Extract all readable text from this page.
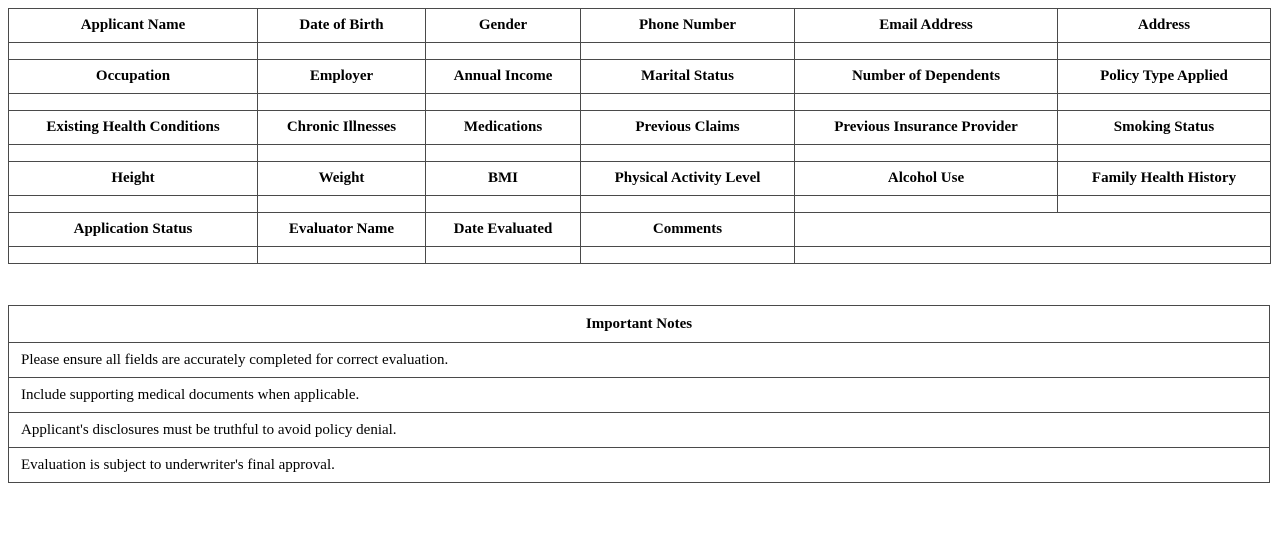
Applicant Name	Date of Birth	Gender	Phone Number	Email Address	Address

Occupation	Employer	Annual Income	Marital Status	Number of Dependents	Policy Type Applied

Existing Health Conditions	Chronic Illnesses	Medications	Previous Claims	Previous Insurance Provider	Smoking Status

Height	Weight	BMI	Physical Activity Level	Alcohol Use	Family Health History

Application Status	Evaluator Name	Date Evaluated	Comments		

Important Notes
Please ensure all fields are accurately completed for correct evaluation.
Include supporting medical documents when applicable.
Applicant's disclosures must be truthful to avoid policy denial.
Evaluation is subject to underwriter's final approval.
